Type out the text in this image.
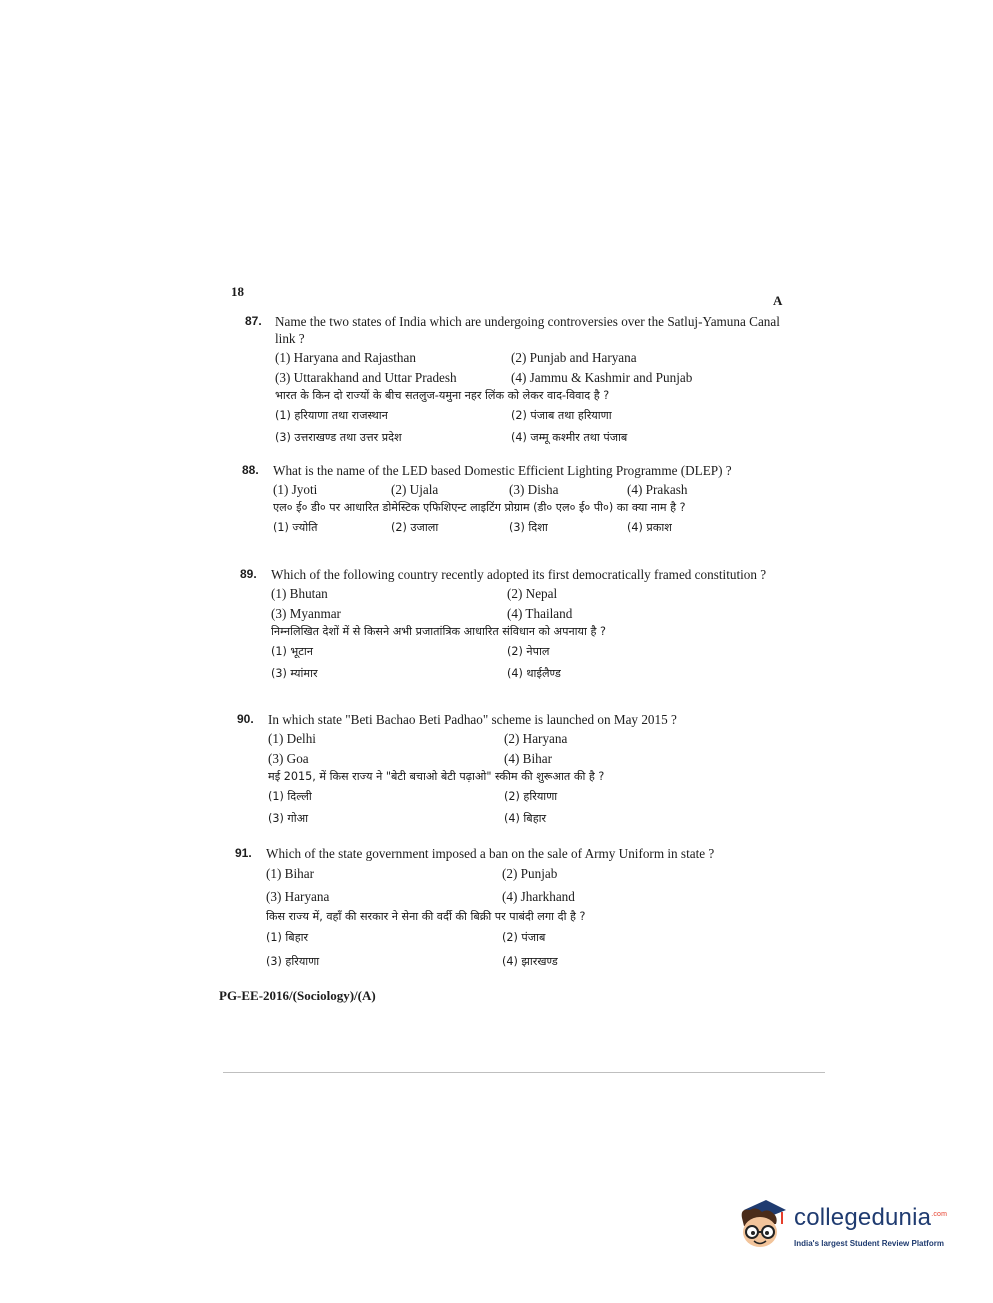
18
A
87. Name the two states of India which are undergoing controversies over the Satluj-Yamuna Canal link ?

(1) Haryana and Rajasthan	(2) Punjab and Haryana
(3) Uttarakhand and Uttar Pradesh	(4) Jammu & Kashmir and Punjab

भारत के किन दो राज्यों के बीच सतलुज-यमुना नहर लिंक को लेकर वाद-विवाद है ?

(1) हरियाणा तथा राजस्थान	(2) पंजाब तथा हरियाणा
(3) उत्तराखण्ड तथा उत्तर प्रदेश	(4) जम्मू कश्मीर तथा पंजाब
88. What is the name of the LED based Domestic Efficient Lighting Programme (DLEP) ?

(1) Jyoti	(2) Ujala	(3) Disha	(4) Prakash

एल० ई० डी० पर आधारित डोमेस्टिक एफिशिएन्ट लाइटिंग प्रोग्राम (डी० एल० ई० पी०) का क्या नाम है ?

(1) ज्योति	(2) उजाला	(3) दिशा	(4) प्रकाश
89. Which of the following country recently adopted its first democratically framed constitution ?

(1) Bhutan	(2) Nepal
(3) Myanmar	(4) Thailand

निम्नलिखित देशों में से किसने अभी प्रजातांत्रिक आधारित संविधान को अपनाया है ?

(1) भूटान	(2) नेपाल
(3) म्यांमार	(4) थाईलैण्ड
90. In which state "Beti Bachao Beti Padhao" scheme is launched on May 2015 ?

(1) Delhi	(2) Haryana
(3) Goa	(4) Bihar

मई 2015, में किस राज्य ने "बेटी बचाओ बेटी पढ़ाओ" स्कीम की शुरूआत की है ?

(1) दिल्ली	(2) हरियाणा
(3) गोआ	(4) बिहार
91. Which of the state government imposed a ban on the sale of Army Uniform in state ?

(1) Bihar	(2) Punjab
(3) Haryana	(4) Jharkhand

किस राज्य में, वहाँ की सरकार ने सेना की वर्दी की बिक्री पर पाबंदी लगा दी है ?

(1) बिहार	(2) पंजाब
(3) हरियाणा	(4) झारखण्ड
PG-EE-2016/(Sociology)/(A)
collegedunia$^{.com}$
India's largest Student Review Platform
